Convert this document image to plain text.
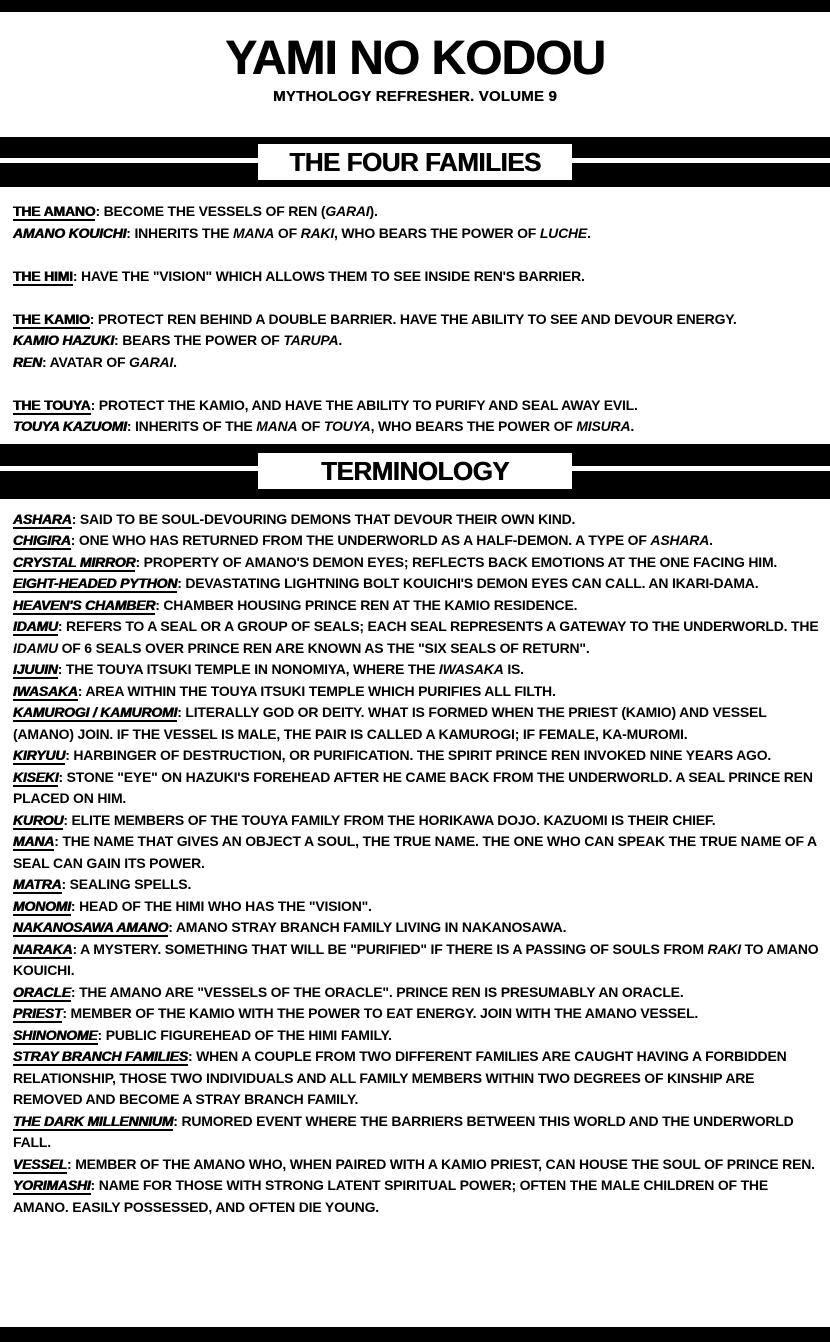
YAMI NO KODOU
MYTHOLOGY REFRESHER. VOLUME 9
THE FOUR FAMILIES

THE AMANO: BECOME THE VESSELS OF REN (GARAI).

AMANO KOUICHI: INHERITS THE MANA OF RAKI, WHO BEARS THE POWER OF LUCHE.

THE HIMI: HAVE THE "VISION" WHICH ALLOWS THEM TO SEE INSIDE REN'S BARRIER.

THE KAMIO: PROTECT REN BEHIND A DOUBLE BARRIER. HAVE THE ABILITY TO SEE AND DEVOUR ENERGY.

KAMIO HAZUKI: BEARS THE POWER OF TARUPA.

REN: AVATAR OF GARAI.

THE TOUYA: PROTECT THE KAMIO, AND HAVE THE ABILITY TO PURIFY AND SEAL AWAY EVIL.

TOUYA KAZUOMI: INHERITS OF THE MANA OF TOUYA, WHO BEARS THE POWER OF MISURA.

TERMINOLOGY

ASHARA: SAID TO BE SOUL-DEVOURING DEMONS THAT DEVOUR THEIR OWN KIND.

CHIGIRA: ONE WHO HAS RETURNED FROM THE UNDERWORLD AS A HALF-DEMON. A TYPE OF ASHARA.

CRYSTAL MIRROR: PROPERTY OF AMANO'S DEMON EYES; REFLECTS BACK EMOTIONS AT THE ONE FACING HIM.

EIGHT-HEADED PYTHON: DEVASTATING LIGHTNING BOLT KOUICHI'S DEMON EYES CAN CALL. AN IKARI-DAMA.

HEAVEN'S CHAMBER: CHAMBER HOUSING PRINCE REN AT THE KAMIO RESIDENCE.

IDAMU: REFERS TO A SEAL OR A GROUP OF SEALS; EACH SEAL REPRESENTS A GATEWAY TO THE UNDERWORLD. THE IDAMU OF 6 SEALS OVER PRINCE REN ARE KNOWN AS THE "SIX SEALS OF RETURN".

IJUUIN: THE TOUYA ITSUKI TEMPLE IN NONOMIYA, WHERE THE IWASAKA IS.

IWASAKA: AREA WITHIN THE TOUYA ITSUKI TEMPLE WHICH PURIFIES ALL FILTH.

KAMUROGI / KAMUROMI: LITERALLY GOD OR DEITY. WHAT IS FORMED WHEN THE PRIEST (KAMIO) AND VESSEL (AMANO) JOIN. IF THE VESSEL IS MALE, THE PAIR IS CALLED A KAMUROGI; IF FEMALE, KA-MUROMI.

KIRYUU: HARBINGER OF DESTRUCTION, OR PURIFICATION. THE SPIRIT PRINCE REN INVOKED NINE YEARS AGO.

KISEKI: STONE "EYE" ON HAZUKI'S FOREHEAD AFTER HE CAME BACK FROM THE UNDERWORLD. A SEAL PRINCE REN PLACED ON HIM.

KUROU: ELITE MEMBERS OF THE TOUYA FAMILY FROM THE HORIKAWA DOJO. KAZUOMI IS THEIR CHIEF.

MANA: THE NAME THAT GIVES AN OBJECT A SOUL, THE TRUE NAME. THE ONE WHO CAN SPEAK THE TRUE NAME OF A SEAL CAN GAIN ITS POWER.

MATRA: SEALING SPELLS.

MONOMI: HEAD OF THE HIMI WHO HAS THE "VISION".

NAKANOSAWA AMANO: AMANO STRAY BRANCH FAMILY LIVING IN NAKANOSAWA.

NARAKA: A MYSTERY. SOMETHING THAT WILL BE "PURIFIED" IF THERE IS A PASSING OF SOULS FROM RAKI TO AMANO KOUICHI.

ORACLE: THE AMANO ARE "VESSELS OF THE ORACLE". PRINCE REN IS PRESUMABLY AN ORACLE.

PRIEST: MEMBER OF THE KAMIO WITH THE POWER TO EAT ENERGY. JOIN WITH THE AMANO VESSEL.

SHINONOME: PUBLIC FIGUREHEAD OF THE HIMI FAMILY.

STRAY BRANCH FAMILIES: WHEN A COUPLE FROM TWO DIFFERENT FAMILIES ARE CAUGHT HAVING A FORBIDDEN RELATIONSHIP, THOSE TWO INDIVIDUALS AND ALL FAMILY MEMBERS WITHIN TWO DEGREES OF KINSHIP ARE REMOVED AND BECOME A STRAY BRANCH FAMILY.

THE DARK MILLENNIUM: RUMORED EVENT WHERE THE BARRIERS BETWEEN THIS WORLD AND THE UNDERWORLD FALL.

VESSEL: MEMBER OF THE AMANO WHO, WHEN PAIRED WITH A KAMIO PRIEST, CAN HOUSE THE SOUL OF PRINCE REN.

YORIMASHI: NAME FOR THOSE WITH STRONG LATENT SPIRITUAL POWER; OFTEN THE MALE CHILDREN OF THE AMANO. EASILY POSSESSED, AND OFTEN DIE YOUNG.
